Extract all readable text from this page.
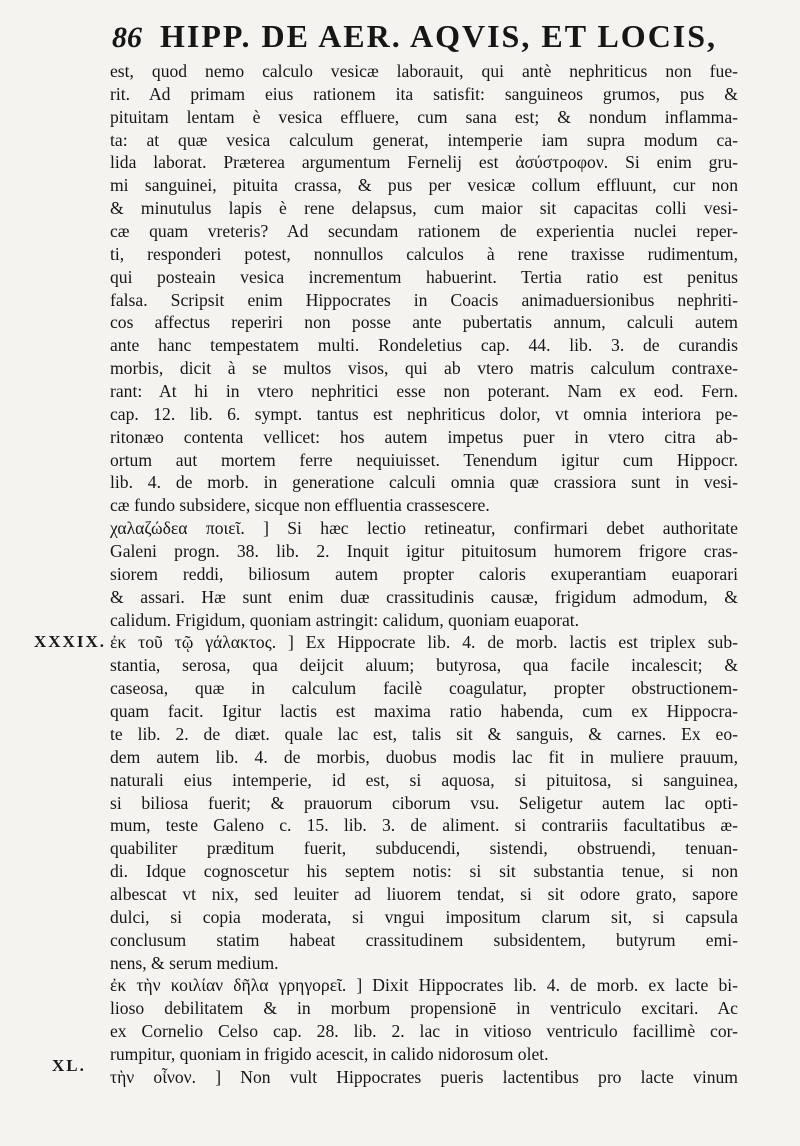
86 HIPP. DE AER. AQVIS, ET LOCIS,
XXXIX.
XL.
est, quod nemo calculo vesicæ laborauit, qui antè nephriticus non fue-
rit. Ad primam eius rationem ita satisfit: sanguineos grumos, pus &
pituitam lentam è vesica effluere, cum sana est; & nondum inflamma-
ta: at quæ vesica calculum generat, intemperie iam supra modum ca-
lida laborat. Præterea argumentum Fernelij est ἀσύστροφον. Si enim gru-
mi sanguinei, pituita crassa, & pus per vesicæ collum effluunt, cur non
& minutulus lapis è rene delapsus, cum maior sit capacitas colli vesi-
cæ quam vreteris? Ad secundam rationem de experientia nuclei reper-
ti, responderi potest, nonnullos calculos à rene traxisse rudimentum,
qui posteain vesica incrementum habuerint. Tertia ratio est penitus
falsa. Scripsit enim Hippocrates in Coacis animaduersionibus nephriti-
cos affectus reperiri non posse ante pubertatis annum, calculi autem
ante hanc tempestatem multi. Rondeletius cap. 44. lib. 3. de curandis
morbis, dicit à se multos visos, qui ab vtero matris calculum contraxe-
rant: At hi in vtero nephritici esse non poterant. Nam ex eod. Fern.
cap. 12. lib. 6. sympt. tantus est nephriticus dolor, vt omnia interiora pe-
ritonæo contenta vellicet: hos autem impetus puer in vtero citra ab-
ortum aut mortem ferre nequiuisset. Tenendum igitur cum Hippocr.
lib. 4. de morb. in generatione calculi omnia quæ crassiora sunt in vesi-
cæ fundo subsidere, sicque non effluentia crassescere.
χαλαζώδεα ποιεῖ. ] Si hæc lectio retineatur, confirmari debet authoritate
Galeni progn. 38. lib. 2. Inquit igitur pituitosum humorem frigore cras-
siorem reddi, biliosum autem propter caloris exuperantiam euaporari
& assari. Hæ sunt enim duæ crassitudinis causæ, frigidum admodum, &
calidum. Frigidum, quoniam astringit: calidum, quoniam euaporat.
ἐκ τοῦ τῷ γάλακτος. ] Ex Hippocrate lib. 4. de morb. lactis est triplex sub-
stantia, serosa, qua deijcit aluum; butyrosa, qua facile incalescit; &
caseosa, quæ in calculum facilè coagulatur, propter obstructionem-
quam facit. Igitur lactis est maxima ratio habenda, cum ex Hippocra-
te lib. 2. de diæt. quale lac est, talis sit & sanguis, & carnes. Ex eo-
dem autem lib. 4. de morbis, duobus modis lac fit in muliere prauum,
naturali eius intemperie, id est, si aquosa, si pituitosa, si sanguinea,
si biliosa fuerit; & prauorum ciborum vsu. Seligetur autem lac opti-
mum, teste Galeno c. 15. lib. 3. de aliment. si contrariis facultatibus æ-
quabiliter præditum fuerit, subducendi, sistendi, obstruendi, tenuan-
di. Idque cognoscetur his septem notis: si sit substantia tenue, si non
albescat vt nix, sed leuiter ad liuorem tendat, si sit odore grato, sapore
dulci, si copia moderata, si vngui impositum clarum sit, si capsula
conclusum statim habeat crassitudinem subsidentem, butyrum emi-
nens, & serum medium.
ἐκ τὴν κοιλίαν δῆλα γρηγορεῖ. ] Dixit Hippocrates lib. 4. de morb. ex lacte bi-
lioso debilitatem & in morbum propensionē in ventriculo excitari. Ac
ex Cornelio Celso cap. 28. lib. 2. lac in vitioso ventriculo facillimè cor-
rumpitur, quoniam in frigido acescit, in calido nidorosum olet.
τὴν οἶνον. ] Non vult Hippocrates pueris lactentibus pro lacte vinum
